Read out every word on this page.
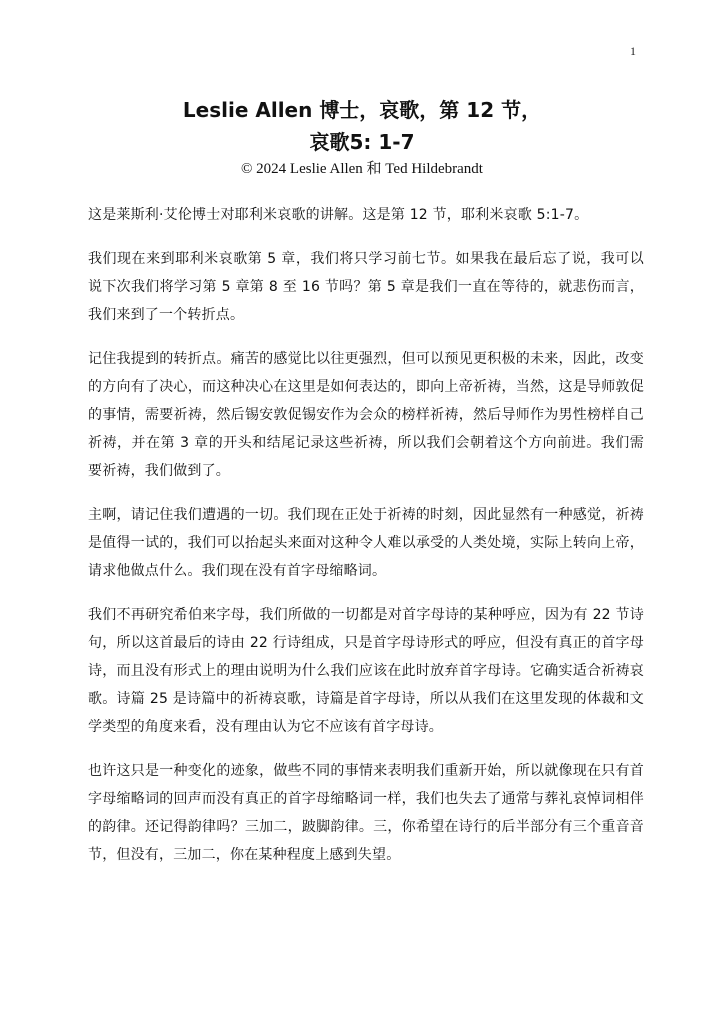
1
Leslie Allen 博士，哀歌，第 12 节，
哀歌5: 1-7
© 2024 Leslie Allen 和 Ted Hildebrandt

这是莱斯利·艾伦博士对耶利米哀歌的讲解。这是第 12 节，耶利米哀歌 5:1-7。

我们现在来到耶利米哀歌第 5 章，我们将只学习前七节。如果我在最后忘了说，我可以说下次我们将学习第 5 章第 8 至 16 节吗？第 5 章是我们一直在等待的，就悲伤而言，我们来到了一个转折点。

记住我提到的转折点。痛苦的感觉比以往更强烈，但可以预见更积极的未来，因此，改变的方向有了决心，而这种决心在这里是如何表达的，即向上帝祈祷，当然，这是导师敦促的事情，需要祈祷，然后锡安敦促锡安作为会众的榜样祈祷，然后导师作为男性榜样自己祈祷，并在第 3 章的开头和结尾记录这些祈祷，所以我们会朝着这个方向前进。我们需要祈祷，我们做到了。

主啊，请记住我们遭遇的一切。我们现在正处于祈祷的时刻，因此显然有一种感觉，祈祷是值得一试的，我们可以抬起头来面对这种令人难以承受的人类处境，实际上转向上帝，请求他做点什么。我们现在没有首字母缩略词。

我们不再研究希伯来字母，我们所做的一切都是对首字母诗的某种呼应，因为有 22 节诗句，所以这首最后的诗由 22 行诗组成，只是首字母诗形式的呼应，但没有真正的首字母诗，而且没有形式上的理由说明为什么我们应该在此时放弃首字母诗。它确实适合祈祷哀歌。诗篇 25 是诗篇中的祈祷哀歌，诗篇是首字母诗，所以从我们在这里发现的体裁和文学类型的角度来看，没有理由认为它不应该有首字母诗。

也许这只是一种变化的迹象，做些不同的事情来表明我们重新开始，所以就像现在只有首字母缩略词的回声而没有真正的首字母缩略词一样，我们也失去了通常与葬礼哀悼词相伴的韵律。还记得韵律吗？三加二，跛脚韵律。三，你希望在诗行的后半部分有三个重音音节，但没有，三加二，你在某种程度上感到失望。
